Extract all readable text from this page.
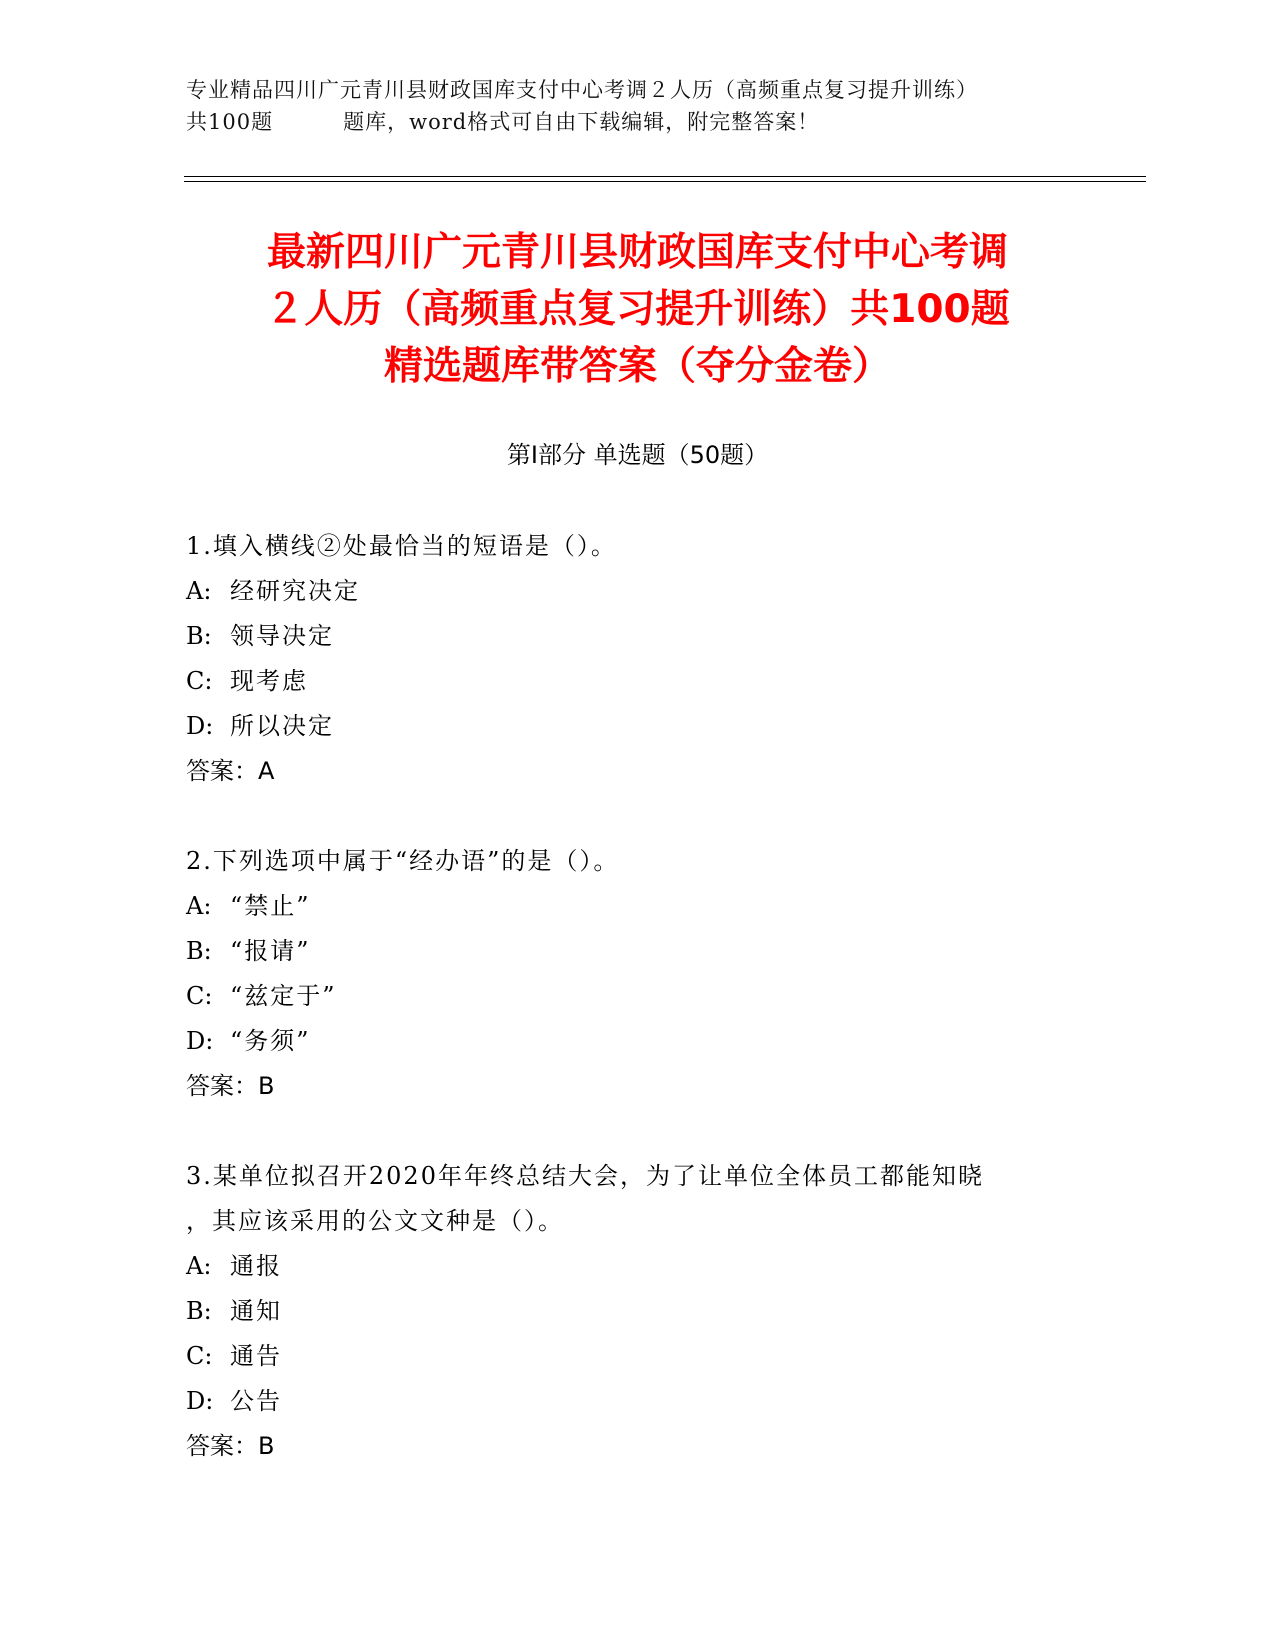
专业精品四川广元青川县财政国库支付中心考调２人历（高频重点复习提升训练）
共100题	题库，word格式可自由下载编辑，附完整答案！
最新四川广元青川县财政国库支付中心考调
２人历（高频重点复习提升训练）共100题
精选题库带答案（夺分金卷）
第Ⅰ部分 单选题（50题）
1.填入横线②处最恰当的短语是（）。
A: 经研究决定
B: 领导决定
C: 现考虑
D: 所以决定
答案：A
2.下列选项中属于“经办语”的是（）。
A: “禁止”
B: “报请”
C: “兹定于”
D: “务须”
答案：B
3.某单位拟召开2020年年终总结大会，为了让单位全体员工都能知晓
，其应该采用的公文文种是（）。
A: 通报
B: 通知
C: 通告
D: 公告
答案：B
